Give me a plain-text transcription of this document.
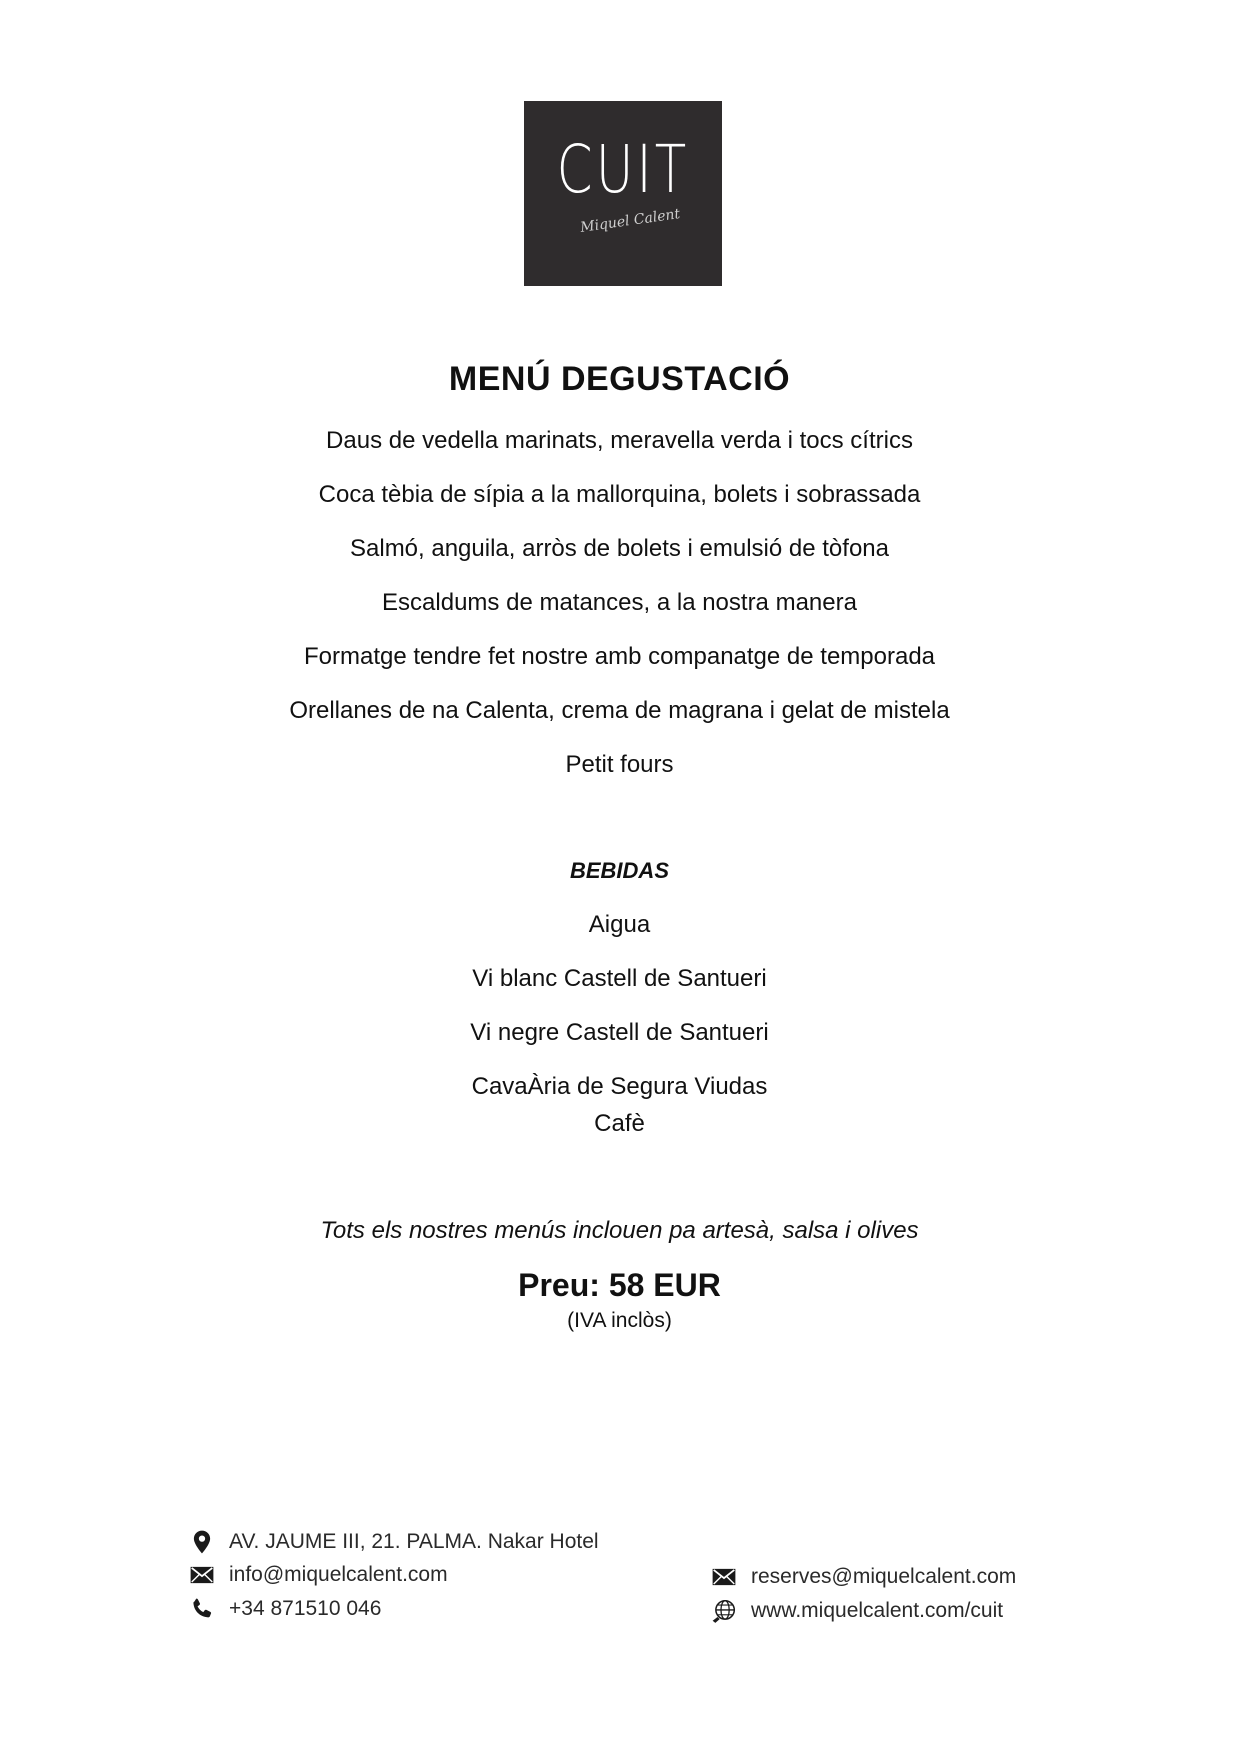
CUIT
Miquel Calent
MENÚ DEGUSTACIÓ
Daus de vedella marinats, meravella verda i tocs cítrics
Coca tèbia de sípia a la mallorquina, bolets i sobrassada
Salmó, anguila, arròs de bolets i emulsió de tòfona
Escaldums de matances, a la nostra manera
Formatge tendre fet nostre amb companatge de temporada
Orellanes de na Calenta, crema de magrana i gelat de mistela
Petit fours
BEBIDAS
Aigua
Vi blanc Castell de Santueri
Vi negre Castell de Santueri
CavaÀria de Segura Viudas
Cafè
Tots els nostres menús inclouen pa artesà, salsa i olives
Preu: 58 EUR
(IVA inclòs)
AV. JAUME III, 21. PALMA. Nakar Hotel
info@miquelcalent.com
+34 871510 046
reserves@miquelcalent.com
www.miquelcalent.com/cuit
